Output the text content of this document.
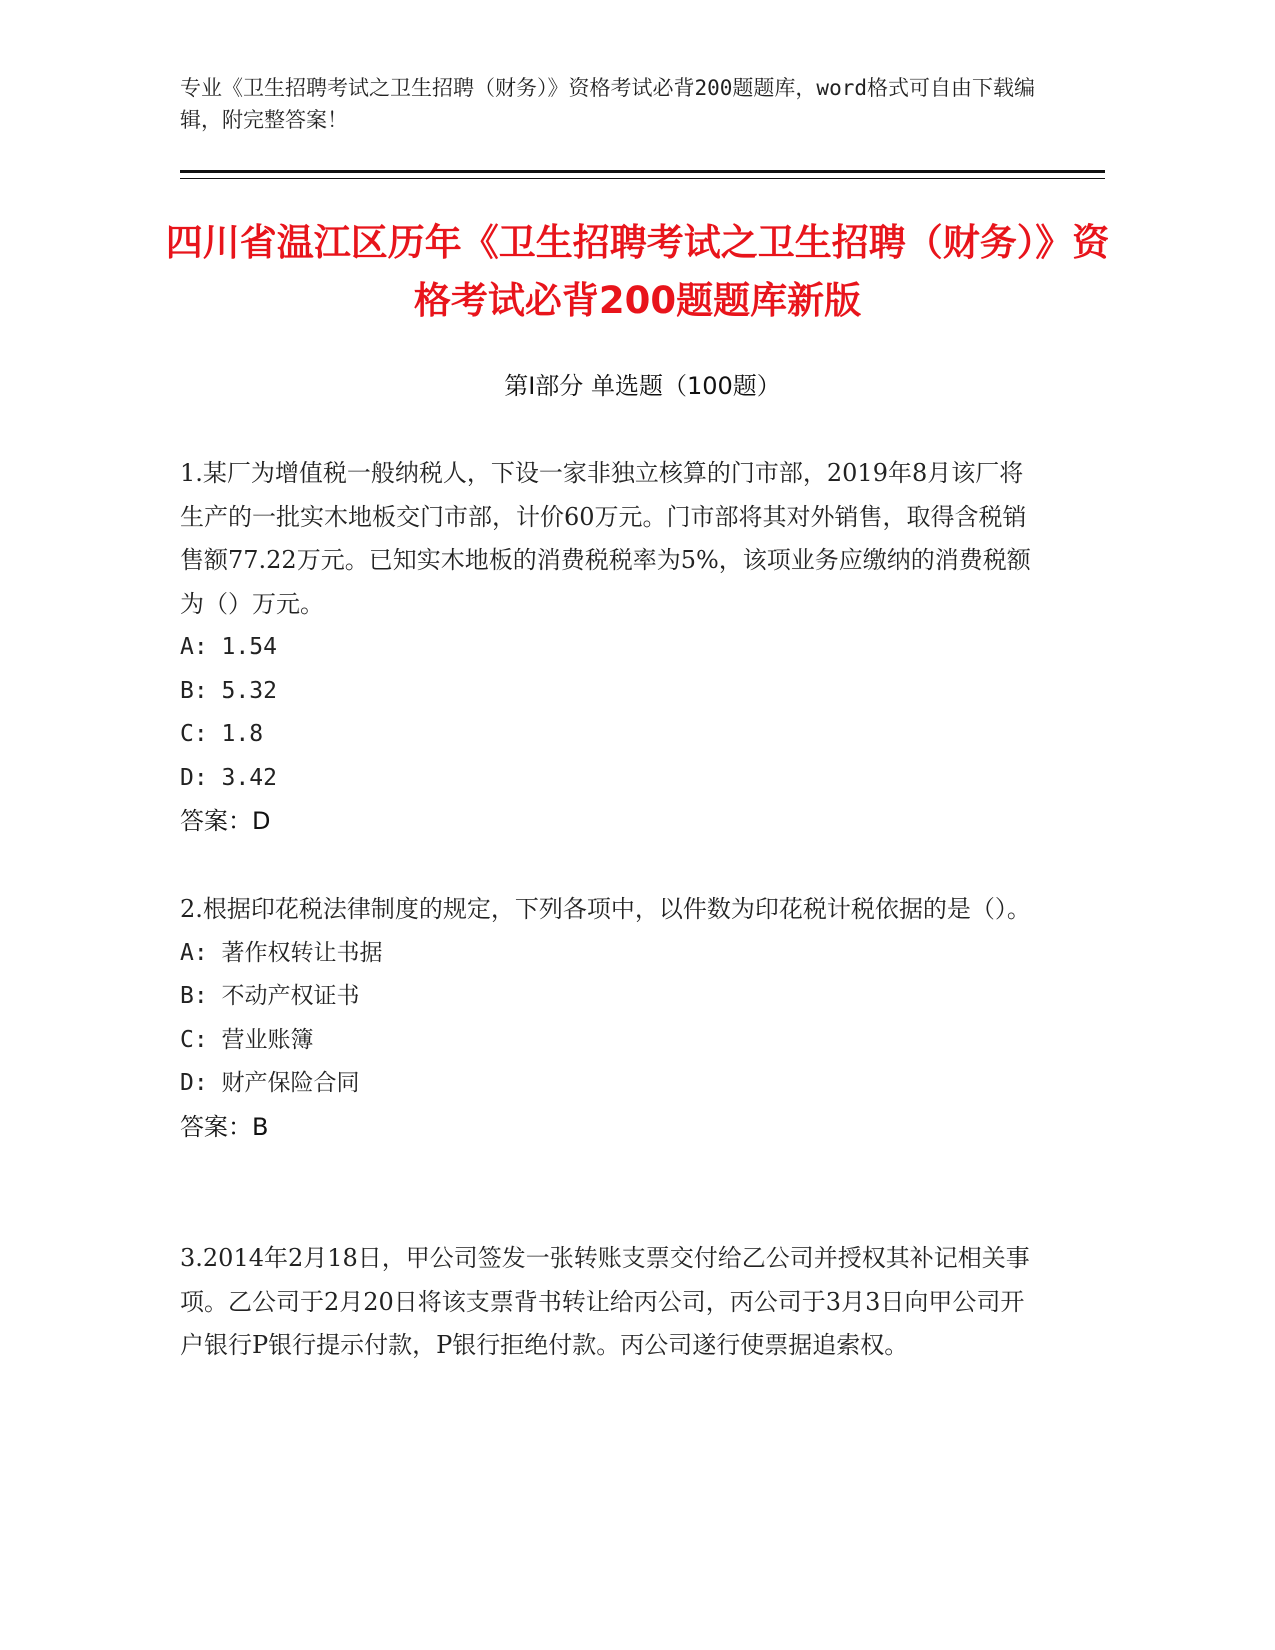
专业《卫生招聘考试之卫生招聘（财务）》资格考试必背200题题库，word格式可自由下载编辑，附完整答案！
四川省温江区历年《卫生招聘考试之卫生招聘（财务）》资格考试必背200题题库新版
第I部分 单选题（100题）
1.某厂为增值税一般纳税人，下设一家非独立核算的门市部，2019年8月该厂将生产的一批实木地板交门市部，计价60万元。门市部将其对外销售，取得含税销售额77.22万元。已知实木地板的消费税税率为5%，该项业务应缴纳的消费税额为（）万元。
A: 1.54
B: 5.32
C: 1.8
D: 3.42
答案：D
2.根据印花税法律制度的规定，下列各项中，以件数为印花税计税依据的是（）。
A: 著作权转让书据
B: 不动产权证书
C: 营业账簿
D: 财产保险合同
答案：B
3.2014年2月18日，甲公司签发一张转账支票交付给乙公司并授权其补记相关事项。乙公司于2月20日将该支票背书转让给丙公司，丙公司于3月3日向甲公司开户银行P银行提示付款，P银行拒绝付款。丙公司遂行使票据追索权。
